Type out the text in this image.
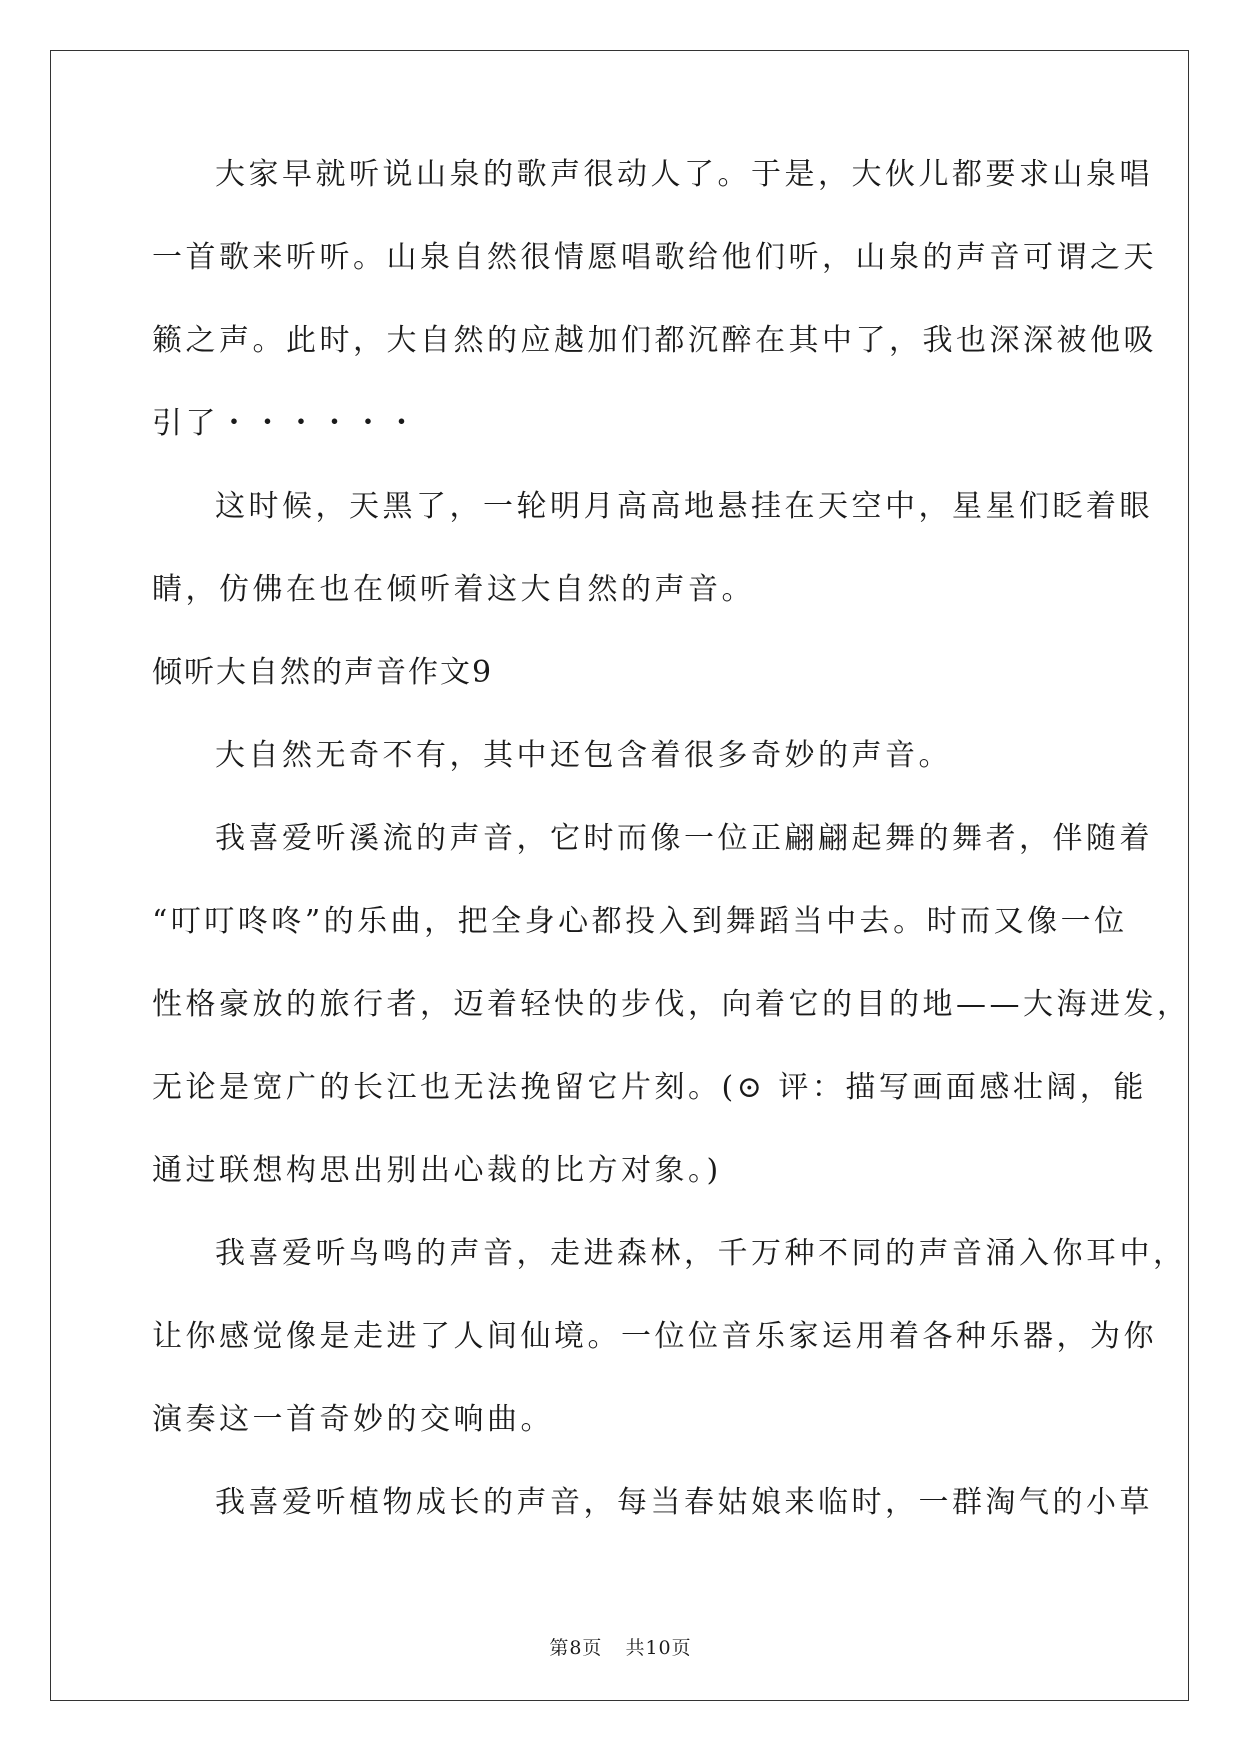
大家早就听说山泉的歌声很动人了。于是，大伙儿都要求山泉唱
一首歌来听听。山泉自然很情愿唱歌给他们听，山泉的声音可谓之天
籁之声。此时，大自然的应越加们都沉醉在其中了，我也深深被他吸
引了・・・・・・
这时候，天黑了，一轮明月高高地悬挂在天空中，星星们眨着眼
睛，仿佛在也在倾听着这大自然的声音。
倾听大自然的声音作文9
大自然无奇不有，其中还包含着很多奇妙的声音。
我喜爱听溪流的声音，它时而像一位正翩翩起舞的舞者，伴随着
“叮叮咚咚”的乐曲，把全身心都投入到舞蹈当中去。时而又像一位
性格豪放的旅行者，迈着轻快的步伐，向着它的目的地——大海进发，
无论是宽广的长江也无法挽留它片刻。(⊙ 评：描写画面感壮阔，能
通过联想构思出别出心裁的比方对象。)
我喜爱听鸟鸣的声音，走进森林，千万种不同的声音涌入你耳中，
让你感觉像是走进了人间仙境。一位位音乐家运用着各种乐器，为你
演奏这一首奇妙的交响曲。
我喜爱听植物成长的声音，每当春姑娘来临时，一群淘气的小草
第8页 共10页
